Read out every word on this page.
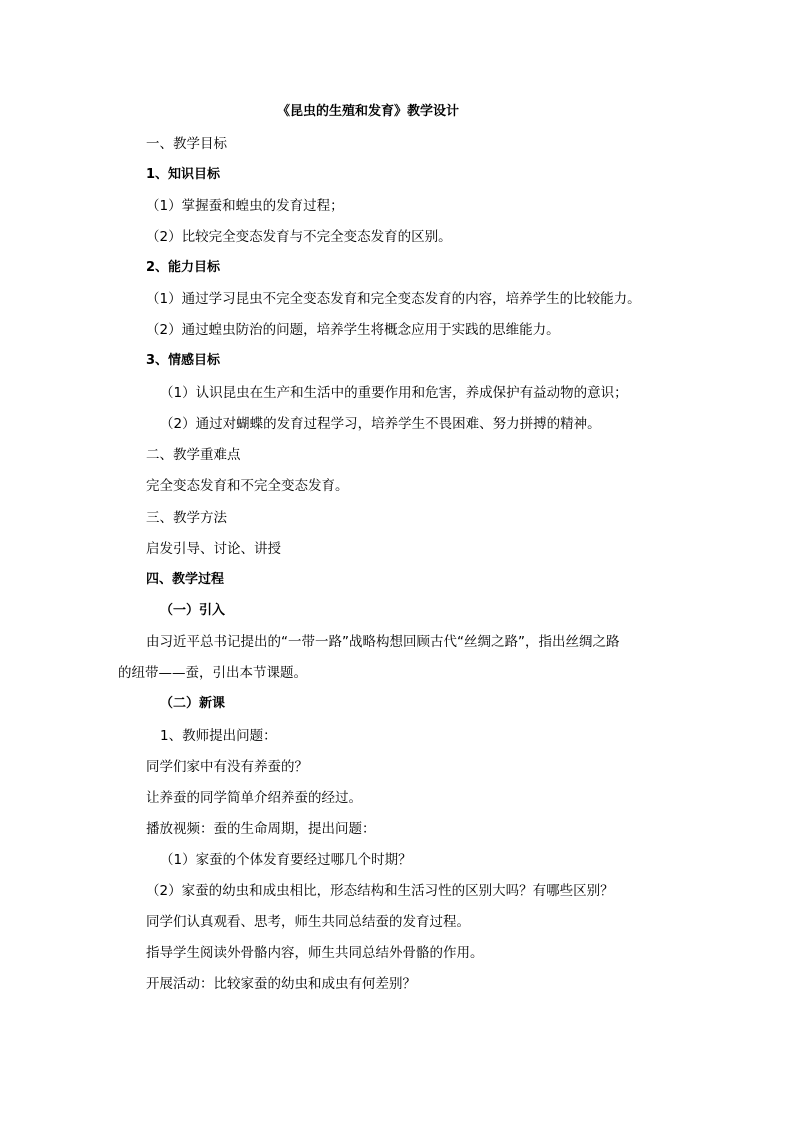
《昆虫的生殖和发育》教学设计
一、教学目标
1、知识目标
（1）掌握蚕和蝗虫的发育过程；
（2）比较完全变态发育与不完全变态发育的区别。
2、能力目标
（1）通过学习昆虫不完全变态发育和完全变态发育的内容，培养学生的比较能力。
（2）通过蝗虫防治的问题，培养学生将概念应用于实践的思维能力。
3、情感目标
（1）认识昆虫在生产和生活中的重要作用和危害，养成保护有益动物的意识；
（2）通过对蝴蝶的发育过程学习，培养学生不畏困难、努力拼搏的精神。
二、教学重难点
完全变态发育和不完全变态发育。
三、教学方法
启发引导、讨论、讲授
四、教学过程
（一）引入
由习近平总书记提出的“一带一路”战略构想回顾古代“丝绸之路”，指出丝绸之路
的纽带——蚕，引出本节课题。
（二）新课
1、教师提出问题：
同学们家中有没有养蚕的？
让养蚕的同学简单介绍养蚕的经过。
播放视频：蚕的生命周期，提出问题：
（1）家蚕的个体发育要经过哪几个时期？
（2）家蚕的幼虫和成虫相比，形态结构和生活习性的区别大吗？有哪些区别？
同学们认真观看、思考，师生共同总结蚕的发育过程。
指导学生阅读外骨骼内容，师生共同总结外骨骼的作用。
开展活动：比较家蚕的幼虫和成虫有何差别？
